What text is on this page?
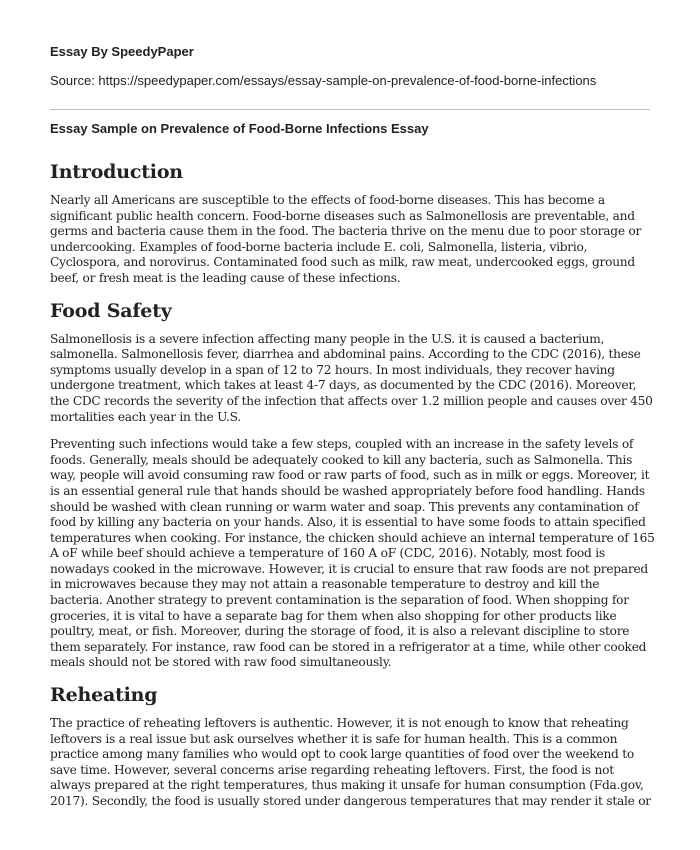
Essay By SpeedyPaper
Source: https://speedypaper.com/essays/essay-sample-on-prevalence-of-food-borne-infections
Essay Sample on Prevalence of Food-Borne Infections Essay
Introduction

Nearly all Americans are susceptible to the effects of food-borne diseases. This has become a significant public health concern. Food-borne diseases such as Salmonellosis are preventable, and germs and bacteria cause them in the food. The bacteria thrive on the menu due to poor storage or undercooking. Examples of food-borne bacteria include E. coli, Salmonella, listeria, vibrio, Cyclospora, and norovirus. Contaminated food such as milk, raw meat, undercooked eggs, ground beef, or fresh meat is the leading cause of these infections.

Food Safety

Salmonellosis is a severe infection affecting many people in the U.S. it is caused a bacterium, salmonella. Salmonellosis fever, diarrhea and abdominal pains. According to the CDC (2016), these symptoms usually develop in a span of 12 to 72 hours. In most individuals, they recover having undergone treatment, which takes at least 4-7 days, as documented by the CDC (2016). Moreover, the CDC records the severity of the infection that affects over 1.2 million people and causes over 450 mortalities each year in the U.S.

Preventing such infections would take a few steps, coupled with an increase in the safety levels of foods. Generally, meals should be adequately cooked to kill any bacteria, such as Salmonella. This way, people will avoid consuming raw food or raw parts of food, such as in milk or eggs. Moreover, it is an essential general rule that hands should be washed appropriately before food handling. Hands should be washed with clean running or warm water and soap. This prevents any contamination of food by killing any bacteria on your hands. Also, it is essential to have some foods to attain specified temperatures when cooking. For instance, the chicken should achieve an internal temperature of 165 A oF while beef should achieve a temperature of 160 A oF (CDC, 2016). Notably, most food is nowadays cooked in the microwave. However, it is crucial to ensure that raw foods are not prepared in microwaves because they may not attain a reasonable temperature to destroy and kill the bacteria. Another strategy to prevent contamination is the separation of food. When shopping for groceries, it is vital to have a separate bag for them when also shopping for other products like poultry, meat, or fish. Moreover, during the storage of food, it is also a relevant discipline to store them separately. For instance, raw food can be stored in a refrigerator at a time, while other cooked meals should not be stored with raw food simultaneously.

Reheating

The practice of reheating leftovers is authentic. However, it is not enough to know that reheating leftovers is a real issue but ask ourselves whether it is safe for human health. This is a common practice among many families who would opt to cook large quantities of food over the weekend to save time. However, several concerns arise regarding reheating leftovers. First, the food is not always prepared at the right temperatures, thus making it unsafe for human consumption (Fda.gov, 2017). Secondly, the food is usually stored under dangerous temperatures that may render it stale or
